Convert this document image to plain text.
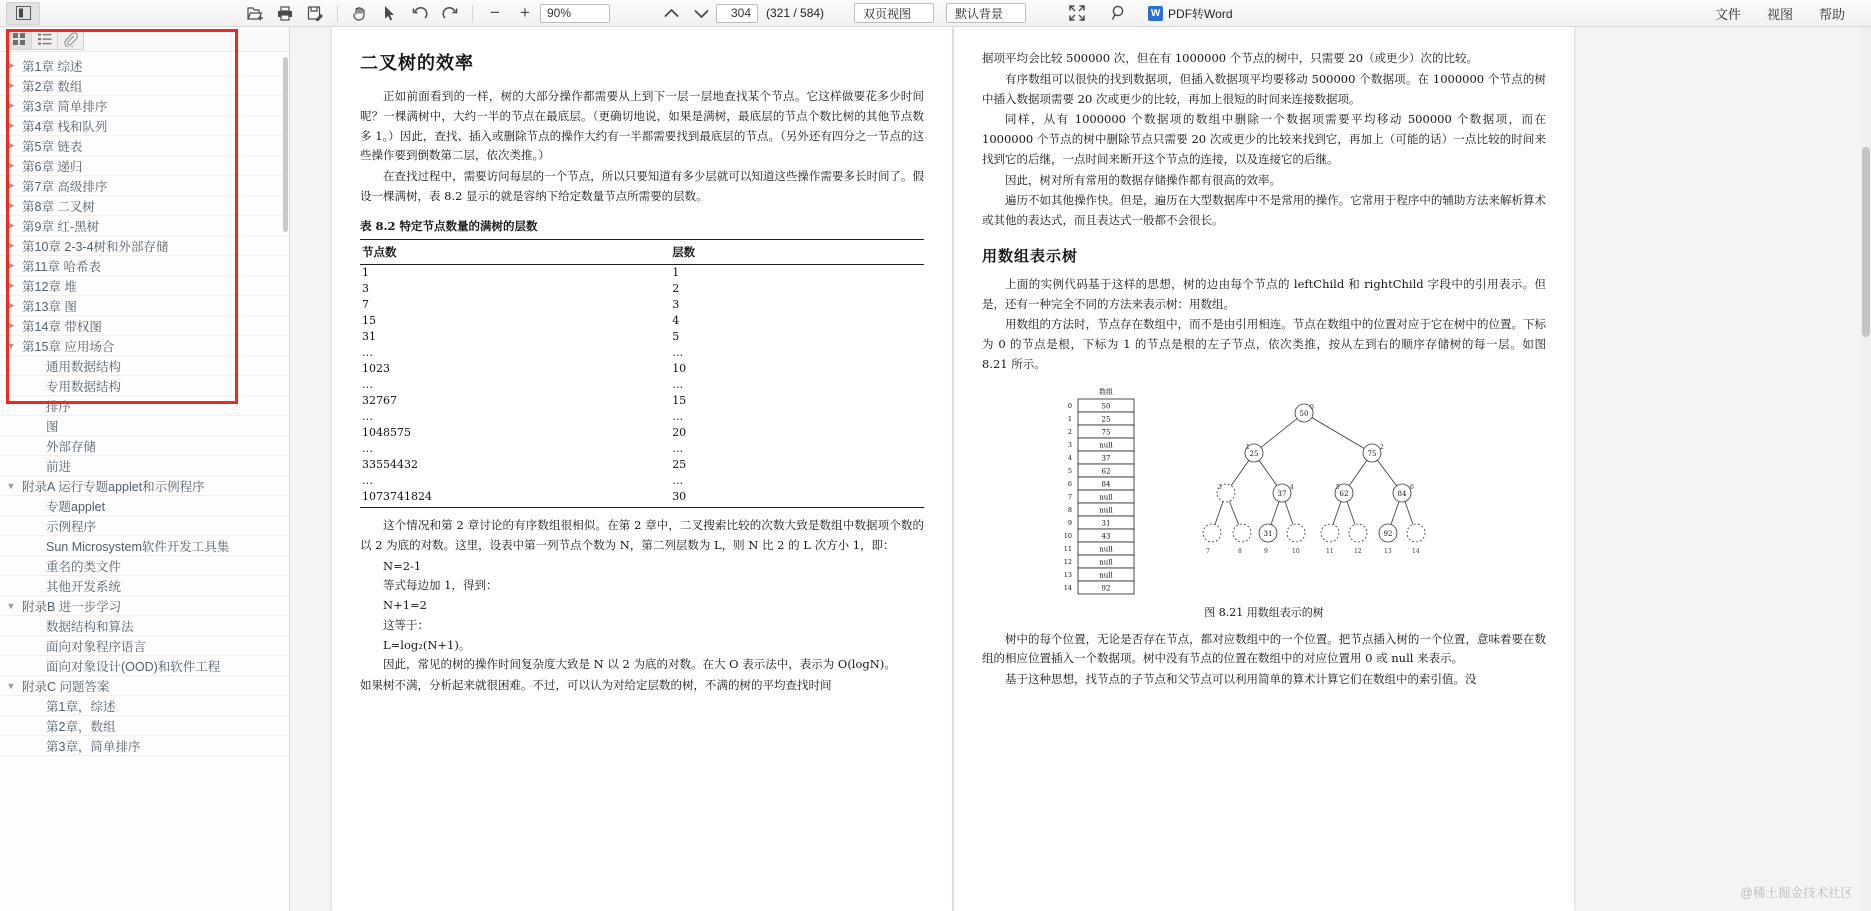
−	+	90%	304	(321 / 584)	双页视图	默认背景	W PDF转Word	文件 视图 帮助
▶ 第1章 综述
▶ 第2章 数组
▶ 第3章 简单排序
▶ 第4章 栈和队列
▶ 第5章 链表
▶ 第6章 递归
▶ 第7章 高级排序
▶ 第8章 二叉树
▶ 第9章 红-黑树
▶ 第10章 2-3-4树和外部存储
▶ 第11章 哈希表
▶ 第12章 堆
▶ 第13章 图
▶ 第14章 带权图
▼ 第15章 应用场合
通用数据结构
专用数据结构
排序
图
外部存储
前进
▼ 附录A 运行专题applet和示例程序
专题applet
示例程序
Sun Microsystem软件开发工具集
重名的类文件
其他开发系统
▼ 附录B 进一步学习
数据结构和算法
面向对象程序语言
面向对象设计(OOD)和软件工程
▼ 附录C 问题答案
第1章，综述
第2章，数组
第3章，简单排序
二叉树的效率

正如前面看到的一样，树的大部分操作都需要从上到下一层一层地查找某个节点。它这样做要花多少时间呢？一棵满树中，大约一半的节点在最底层。（更确切地说，如果是满树，最底层的节点个数比树的其他节点数多 1。）因此，查找、插入或删除节点的操作大约有一半都需要找到最底层的节点。（另外还有四分之一节点的这些操作要到倒数第二层，依次类推。）

在查找过程中，需要访问每层的一个节点，所以只要知道有多少层就可以知道这些操作需要多长时间了。假设一棵满树，表 8.2 显示的就是容纳下给定数量节点所需要的层数。

表 8.2 特定节点数量的满树的层数
节点数	层数
1	1
3	2
7	3
15	4
31	5
…	…
1023	10
…	…
32767	15
…	…
1048575	20
…	…
33554432	25
…	…
1073741824	30

这个情况和第 2 章讨论的有序数组很相似。在第 2 章中，二叉搜索比较的次数大致是数组中数据项个数的以 2 为底的对数。这里，设表中第一列节点个数为 N，第二列层数为 L，则 N 比 2 的 L 次方小 1，即：

N=2-1
等式每边加 1，得到：
N+1=2
这等于：
L=log₂(N+1)。

因此，常见的树的操作时间复杂度大致是 N 以 2 为底的对数。在大 O 表示法中，表示为 O(logN)。

如果树不满，分析起来就很困难。不过，可以认为对给定层数的树，不满的树的平均查找时间

据项平均会比较 500000 次，但在有 1000000 个节点的树中，只需要 20（或更少）次的比较。

有序数组可以很快的找到数据项，但插入数据项平均要移动 500000 个数据项。在 1000000 个节点的树中插入数据项需要 20 次或更少的比较，再加上很短的时间来连接数据项。

同样，从有 1000000 个数据项的数组中删除一个数据项需要平均移动 500000 个数据项，而在 1000000 个节点的树中删除节点只需要 20 次或更少的比较来找到它，再加上（可能的话）一点比较的时间来找到它的后继，一点时间来断开这个节点的连接，以及连接它的后继。

因此，树对所有常用的数据存储操作都有很高的效率。

遍历不如其他操作快。但是，遍历在大型数据库中不是常用的操作。它常用于程序中的辅助方法来解析算术或其他的表达式，而且表达式一般都不会很长。

用数组表示树

上面的实例代码基于这样的思想，树的边由每个节点的 leftChild 和 rightChild 字段中的引用表示。但是，还有一种完全不同的方法来表示树：用数组。

用数组的方法时，节点存在数组中，而不是由引用相连。节点在数组中的位置对应于它在树中的位置。下标为 0 的节点是根，下标为 1 的节点是根的左子节点，依次类推，按从左到右的顺序存储树的每一层。如图 8.21 所示。

数组
0	50
1	25
2	75
3	null
4	37
5	62
6	84
7	null
8	null
9	31
10	43
11	null
12	null
13	null
14	92
50
25	75
37	62	84
31	92
7	8	9	10	11	12	13	14
0
1	2
3	4	5	6
图 8.21 用数组表示的树

树中的每个位置，无论是否存在节点，都对应数组中的一个位置。把节点插入树的一个位置，意味着要在数组的相应位置插入一个数据项。树中没有节点的位置在数组中的对应位置用 0 或 null 来表示。

基于这种思想，找节点的子节点和父节点可以利用简单的算术计算它们在数组中的索引值。没

@稀土掘金技术社区
